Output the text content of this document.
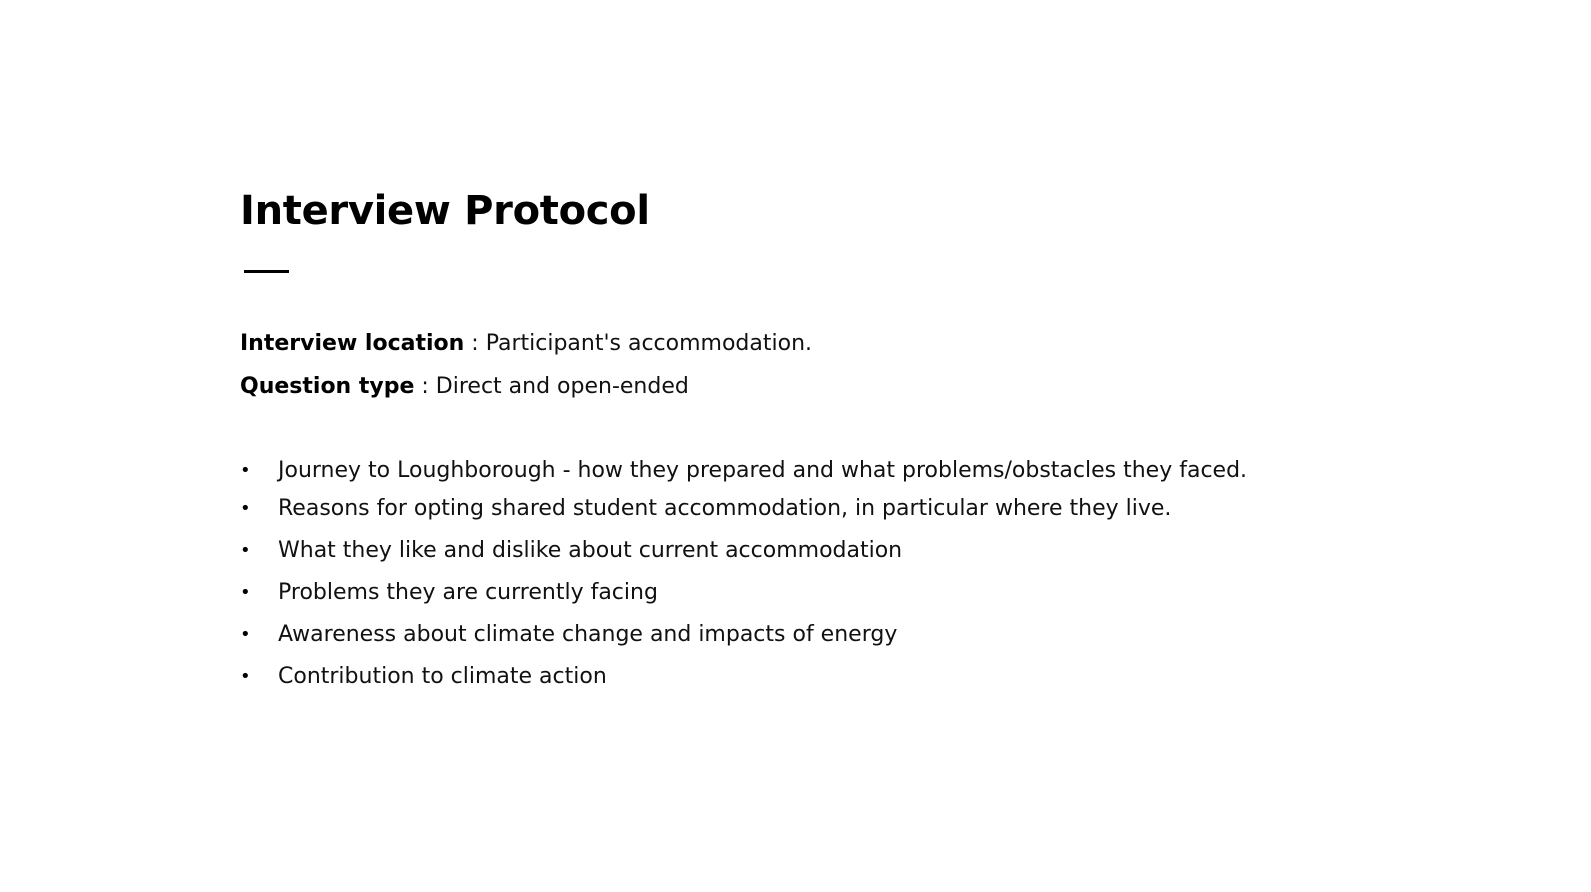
Interview Protocol
Interview location : Participant's accommodation.
Question type : Direct and open-ended
• Journey to Loughborough - how they prepared and what problems/obstacles they faced.
• Reasons for opting shared student accommodation, in particular where they live.
• What they like and dislike about current accommodation
• Problems they are currently facing
• Awareness about climate change and impacts of energy
• Contribution to climate action
